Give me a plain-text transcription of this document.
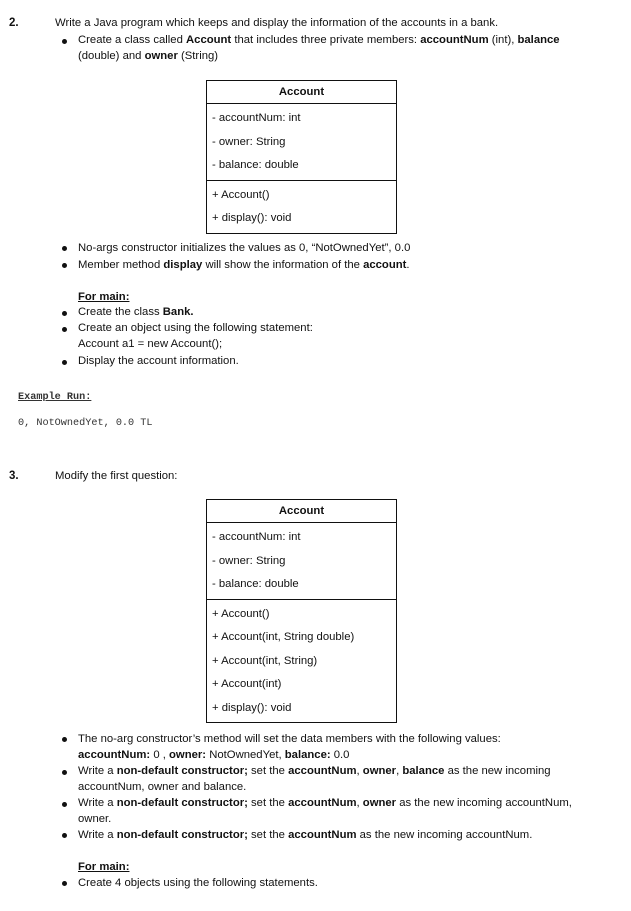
2.	Write a Java program which keeps and display the information of the accounts in a bank.
Create a class called Account that includes three private members: accountNum (int), balance
(double) and owner (String)
Account
- accountNum: int
- owner: String
- balance: double
+ Account()
+ display(): void
No-args constructor initializes the values as 0, “NotOwnedYet”, 0.0
Member method display will show the information of the account.
For main:
Create the class Bank.
Create an object using the following statement:
Account a1 = new Account();
Display the account information.
Example Run:
0, NotOwnedYet, 0.0 TL
3.	Modify the first question:
Account
- accountNum: int
- owner: String
- balance: double
+ Account()
+ Account(int, String double)
+ Account(int, String)
+ Account(int)
+ display(): void
The no-arg constructor’s method will set the data members with the following values:
accountNum: 0 , owner: NotOwnedYet, balance: 0.0
Write a non-default constructor; set the accountNum, owner, balance as the new incoming
accountNum, owner and balance.
Write a non-default constructor; set the accountNum, owner as the new incoming accountNum,
owner.
Write a non-default constructor; set the accountNum as the new incoming accountNum.
For main:
Create 4 objects using the following statements.
